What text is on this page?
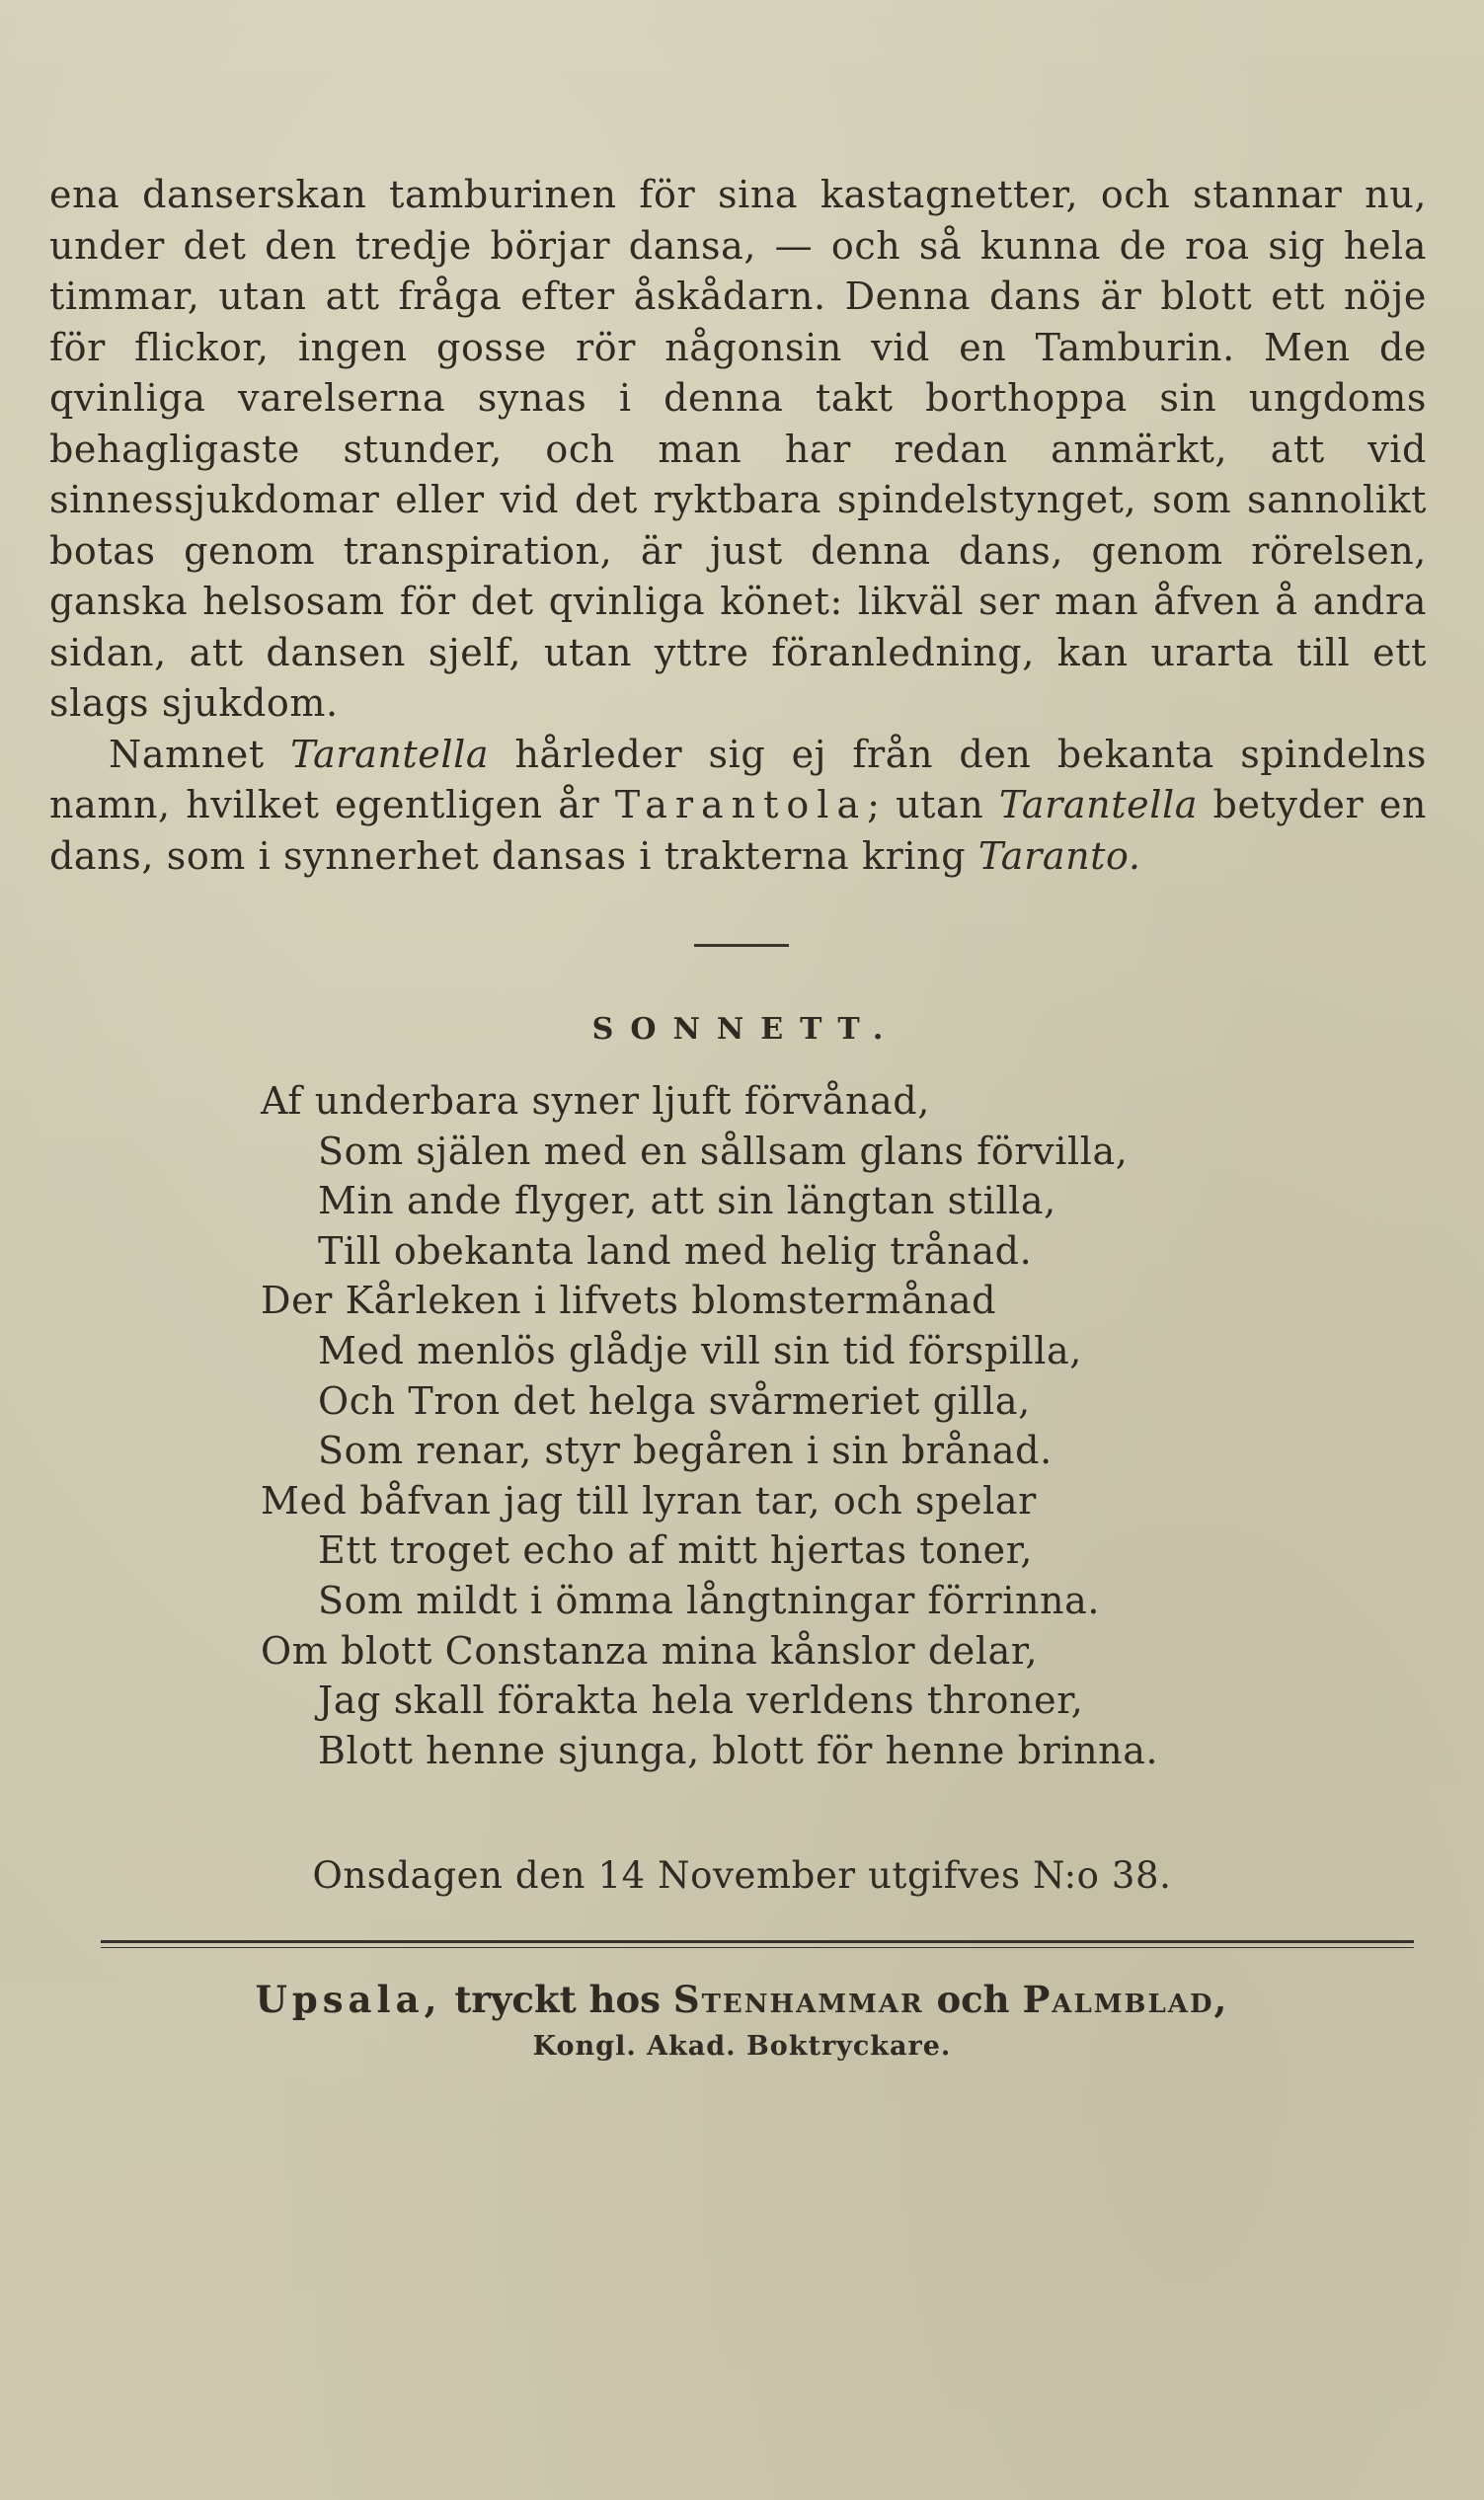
ena danserskan tamburinen för sina kastagnetter, och stannar nu, under det den tredje börjar dansa, — och så kunna de roa sig hela timmar, utan att fråga efter åskådarn. Denna dans är blott ett nöje för flickor, ingen gosse rör någonsin vid en Tamburin. Men de qvinliga varelserna synas i denna takt borthoppa sin ungdoms behagligaste stunder, och man har redan anmärkt, att vid sinnessjukdomar eller vid det ryktbara spindelstynget, som sannolikt botas genom transpiration, är just denna dans, genom rörelsen, ganska helsosam för det qvinliga könet: likväl ser man åfven å andra sidan, att dansen sjelf, utan yttre föranledning, kan urarta till ett slags sjukdom.

Namnet Tarantella hårleder sig ej från den bekanta spindelns namn, hvilket egentligen år Tarantola; utan Tarantella betyder en dans, som i synnerhet dansas i trakterna kring Taranto.

SONNETT.
Af underbara syner ljuft förvånad,
Som själen med en sållsam glans förvilla,
Min ande flyger, att sin längtan stilla,
Till obekanta land med helig trånad.
Der Kårleken i lifvets blomstermånad
Med menlös glådje vill sin tid förspilla,
Och Tron det helga svårmeriet gilla,
Som renar, styr begåren i sin brånad.
Med båfvan jag till lyran tar, och spelar
Ett troget echo af mitt hjertas toner,
Som mildt i ömma långtningar förrinna.
Om blott Constanza mina kånslor delar,
Jag skall förakta hela verldens throner,
Blott henne sjunga, blott för henne brinna.
Onsdagen den 14 November utgifves N:o 38.
Upsala, tryckt hos Stenhammar och Palmblad,
Kongl. Akad. Boktryckare.
